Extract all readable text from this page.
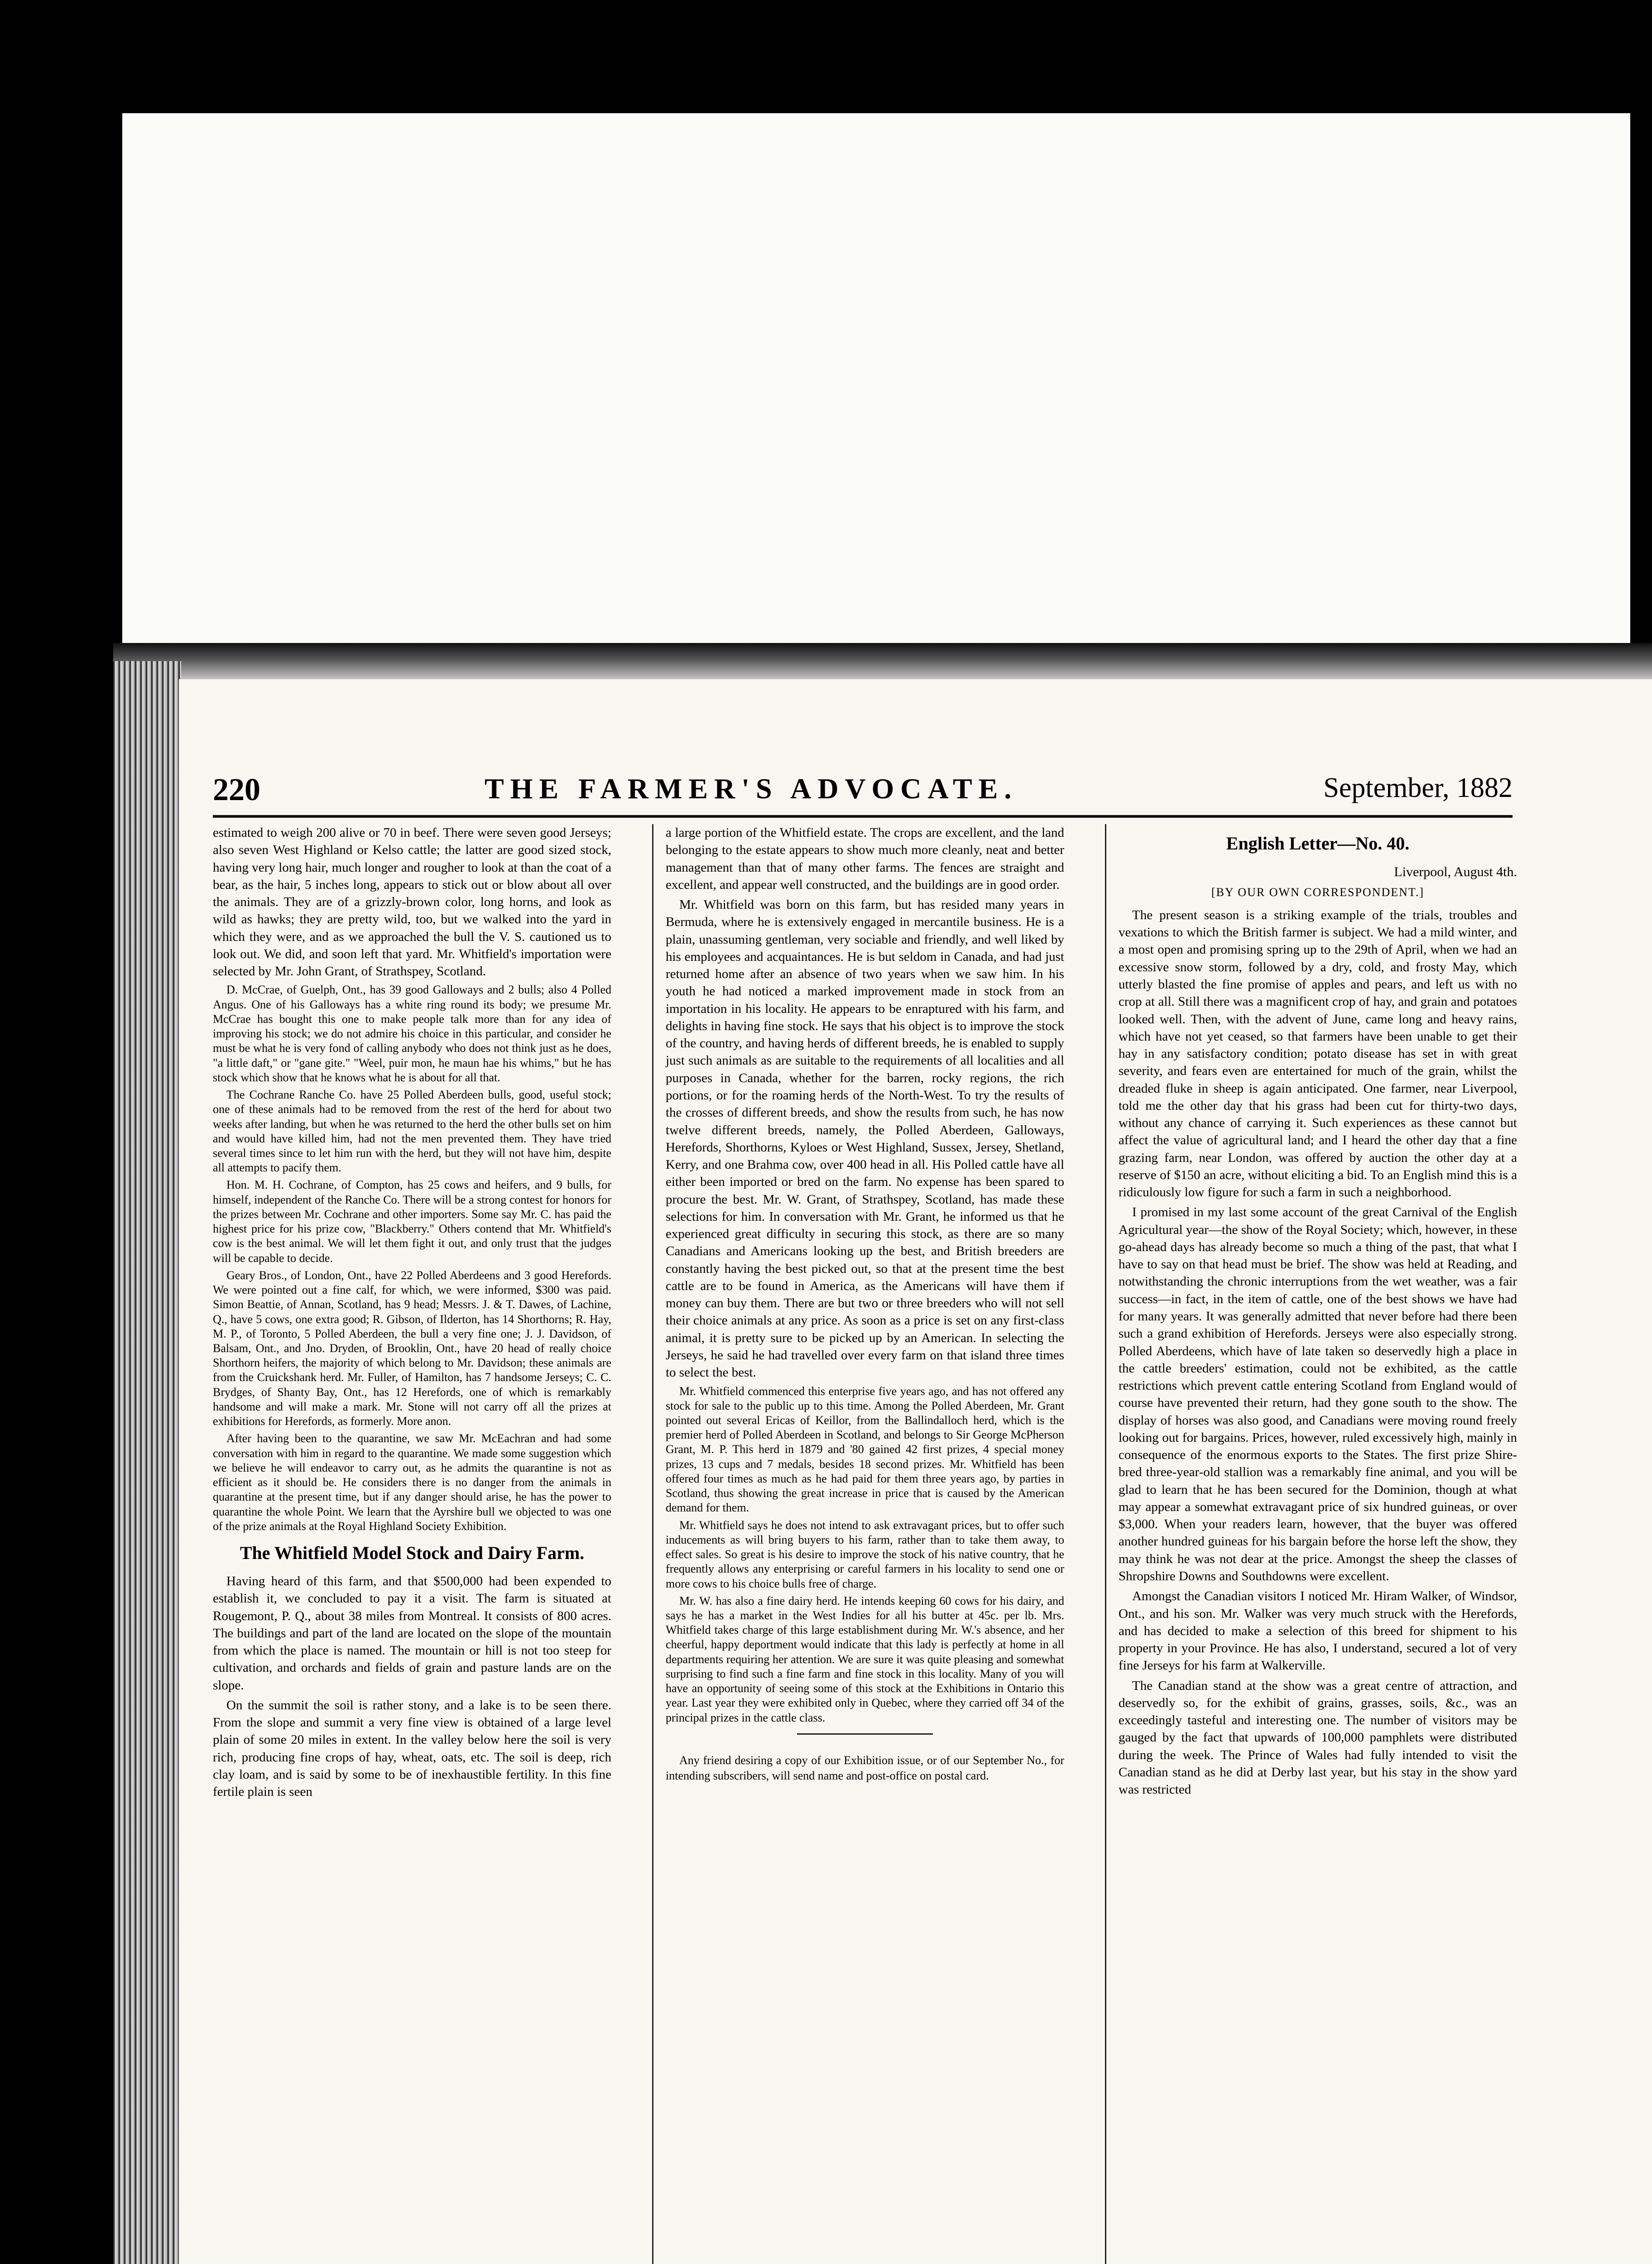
220	THE FARMER'S ADVOCATE.	September, 1882

estimated to weigh 200 alive or 70 in beef. There were seven good Jerseys; also seven West Highland or Kelso cattle; the latter are good sized stock, having very long hair, much longer and rougher to look at than the coat of a bear, as the hair, 5 inches long, appears to stick out or blow about all over the animals. They are of a grizzly-brown color, long horns, and look as wild as hawks; they are pretty wild, too, but we walked into the yard in which they were, and as we approached the bull the V. S. cautioned us to look out. We did, and soon left that yard. Mr. Whitfield's importation were selected by Mr. John Grant, of Strathspey, Scotland.

D. McCrae, of Guelph, Ont., has 39 good Galloways and 2 bulls; also 4 Polled Angus. One of his Galloways has a white ring round its body; we presume Mr. McCrae has bought this one to make people talk more than for any idea of improving his stock; we do not admire his choice in this particular, and consider he must be what he is very fond of calling anybody who does not think just as he does, "a little daft," or "gane gite." "Weel, puir mon, he maun hae his whims," but he has stock which show that he knows what he is about for all that.

The Cochrane Ranche Co. have 25 Polled Aberdeen bulls, good, useful stock; one of these animals had to be removed from the rest of the herd for about two weeks after landing, but when he was returned to the herd the other bulls set on him and would have killed him, had not the men prevented them. They have tried several times since to let him run with the herd, but they will not have him, despite all attempts to pacify them.

Hon. M. H. Cochrane, of Compton, has 25 cows and heifers, and 9 bulls, for himself, independent of the Ranche Co. There will be a strong contest for honors for the prizes between Mr. Cochrane and other importers. Some say Mr. C. has paid the highest price for his prize cow, "Blackberry." Others contend that Mr. Whitfield's cow is the best animal. We will let them fight it out, and only trust that the judges will be capable to decide.

Geary Bros., of London, Ont., have 22 Polled Aberdeens and 3 good Herefords. We were pointed out a fine calf, for which, we were informed, $300 was paid. Simon Beattie, of Annan, Scotland, has 9 head; Messrs. J. & T. Dawes, of Lachine, Q., have 5 cows, one extra good; R. Gibson, of Ilderton, has 14 Shorthorns; R. Hay, M. P., of Toronto, 5 Polled Aberdeen, the bull a very fine one; J. J. Davidson, of Balsam, Ont., and Jno. Dryden, of Brooklin, Ont., have 20 head of really choice Shorthorn heifers, the majority of which belong to Mr. Davidson; these animals are from the Cruickshank herd. Mr. Fuller, of Hamilton, has 7 handsome Jerseys; C. C. Brydges, of Shanty Bay, Ont., has 12 Herefords, one of which is remarkably handsome and will make a mark. Mr. Stone will not carry off all the prizes at exhibitions for Herefords, as formerly. More anon.

After having been to the quarantine, we saw Mr. McEachran and had some conversation with him in regard to the quarantine. We made some suggestion which we believe he will endeavor to carry out, as he admits the quarantine is not as efficient as it should be. He considers there is no danger from the animals in quarantine at the present time, but if any danger should arise, he has the power to quarantine the whole Point. We learn that the Ayrshire bull we objected to was one of the prize animals at the Royal Highland Society Exhibition.

The Whitfield Model Stock and Dairy Farm.

Having heard of this farm, and that $500,000 had been expended to establish it, we concluded to pay it a visit. The farm is situated at Rougemont, P. Q., about 38 miles from Montreal. It consists of 800 acres. The buildings and part of the land are located on the slope of the mountain from which the place is named. The mountain or hill is not too steep for cultivation, and orchards and fields of grain and pasture lands are on the slope.

On the summit the soil is rather stony, and a lake is to be seen there. From the slope and summit a very fine view is obtained of a large level plain of some 20 miles in extent. In the valley below here the soil is very rich, producing fine crops of hay, wheat, oats, etc. The soil is deep, rich clay loam, and is said by some to be of inexhaustible fertility. In this fine fertile plain is seen

a large portion of the Whitfield estate. The crops are excellent, and the land belonging to the estate appears to show much more cleanly, neat and better management than that of many other farms. The fences are straight and excellent, and appear well constructed, and the buildings are in good order.

Mr. Whitfield was born on this farm, but has resided many years in Bermuda, where he is extensively engaged in mercantile business. He is a plain, unassuming gentleman, very sociable and friendly, and well liked by his employees and acquaintances. He is but seldom in Canada, and had just returned home after an absence of two years when we saw him. In his youth he had noticed a marked improvement made in stock from an importation in his locality. He appears to be enraptured with his farm, and delights in having fine stock. He says that his object is to improve the stock of the country, and having herds of different breeds, he is enabled to supply just such animals as are suitable to the requirements of all localities and all purposes in Canada, whether for the barren, rocky regions, the rich portions, or for the roaming herds of the North-West. To try the results of the crosses of different breeds, and show the results from such, he has now twelve different breeds, namely, the Polled Aberdeen, Galloways, Herefords, Shorthorns, Kyloes or West Highland, Sussex, Jersey, Shetland, Kerry, and one Brahma cow, over 400 head in all. His Polled cattle have all either been imported or bred on the farm. No expense has been spared to procure the best. Mr. W. Grant, of Strathspey, Scotland, has made these selections for him. In conversation with Mr. Grant, he informed us that he experienced great difficulty in securing this stock, as there are so many Canadians and Americans looking up the best, and British breeders are constantly having the best picked out, so that at the present time the best cattle are to be found in America, as the Americans will have them if money can buy them. There are but two or three breeders who will not sell their choice animals at any price. As soon as a price is set on any first-class animal, it is pretty sure to be picked up by an American. In selecting the Jerseys, he said he had travelled over every farm on that island three times to select the best.

Mr. Whitfield commenced this enterprise five years ago, and has not offered any stock for sale to the public up to this time. Among the Polled Aberdeen, Mr. Grant pointed out several Ericas of Keillor, from the Ballindalloch herd, which is the premier herd of Polled Aberdeen in Scotland, and belongs to Sir George McPherson Grant, M. P. This herd in 1879 and '80 gained 42 first prizes, 4 special money prizes, 13 cups and 7 medals, besides 18 second prizes. Mr. Whitfield has been offered four times as much as he had paid for them three years ago, by parties in Scotland, thus showing the great increase in price that is caused by the American demand for them.

Mr. Whitfield says he does not intend to ask extravagant prices, but to offer such inducements as will bring buyers to his farm, rather than to take them away, to effect sales. So great is his desire to improve the stock of his native country, that he frequently allows any enterprising or careful farmers in his locality to send one or more cows to his choice bulls free of charge.

Mr. W. has also a fine dairy herd. He intends keeping 60 cows for his dairy, and says he has a market in the West Indies for all his butter at 45c. per lb. Mrs. Whitfield takes charge of this large establishment during Mr. W.'s absence, and her cheerful, happy deportment would indicate that this lady is perfectly at home in all departments requiring her attention. We are sure it was quite pleasing and somewhat surprising to find such a fine farm and fine stock in this locality. Many of you will have an opportunity of seeing some of this stock at the Exhibitions in Ontario this year. Last year they were exhibited only in Quebec, where they carried off 34 of the principal prizes in the cattle class.

Any friend desiring a copy of our Exhibition issue, or of our September No., for intending subscribers, will send name and post-office on postal card.

English Letter—No. 40.
Liverpool, August 4th.
[BY OUR OWN CORRESPONDENT.]

The present season is a striking example of the trials, troubles and vexations to which the British farmer is subject. We had a mild winter, and a most open and promising spring up to the 29th of April, when we had an excessive snow storm, followed by a dry, cold, and frosty May, which utterly blasted the fine promise of apples and pears, and left us with no crop at all. Still there was a magnificent crop of hay, and grain and potatoes looked well. Then, with the advent of June, came long and heavy rains, which have not yet ceased, so that farmers have been unable to get their hay in any satisfactory condition; potato disease has set in with great severity, and fears even are entertained for much of the grain, whilst the dreaded fluke in sheep is again anticipated. One farmer, near Liverpool, told me the other day that his grass had been cut for thirty-two days, without any chance of carrying it. Such experiences as these cannot but affect the value of agricultural land; and I heard the other day that a fine grazing farm, near London, was offered by auction the other day at a reserve of $150 an acre, without eliciting a bid. To an English mind this is a ridiculously low figure for such a farm in such a neighborhood.

I promised in my last some account of the great Carnival of the English Agricultural year—the show of the Royal Society; which, however, in these go-ahead days has already become so much a thing of the past, that what I have to say on that head must be brief. The show was held at Reading, and notwithstanding the chronic interruptions from the wet weather, was a fair success—in fact, in the item of cattle, one of the best shows we have had for many years. It was generally admitted that never before had there been such a grand exhibition of Herefords. Jerseys were also especially strong. Polled Aberdeens, which have of late taken so deservedly high a place in the cattle breeders' estimation, could not be exhibited, as the cattle restrictions which prevent cattle entering Scotland from England would of course have prevented their return, had they gone south to the show. The display of horses was also good, and Canadians were moving round freely looking out for bargains. Prices, however, ruled excessively high, mainly in consequence of the enormous exports to the States. The first prize Shire-bred three-year-old stallion was a remarkably fine animal, and you will be glad to learn that he has been secured for the Dominion, though at what may appear a somewhat extravagant price of six hundred guineas, or over $3,000. When your readers learn, however, that the buyer was offered another hundred guineas for his bargain before the horse left the show, they may think he was not dear at the price. Amongst the sheep the classes of Shropshire Downs and Southdowns were excellent.

Amongst the Canadian visitors I noticed Mr. Hiram Walker, of Windsor, Ont., and his son. Mr. Walker was very much struck with the Herefords, and has decided to make a selection of this breed for shipment to his property in your Province. He has also, I understand, secured a lot of very fine Jerseys for his farm at Walkerville.

The Canadian stand at the show was a great centre of attraction, and deservedly so, for the exhibit of grains, grasses, soils, &c., was an exceedingly tasteful and interesting one. The number of visitors may be gauged by the fact that upwards of 100,000 pamphlets were distributed during the week. The Prince of Wales had fully intended to visit the Canadian stand as he did at Derby last year, but his stay in the show yard was restricted
